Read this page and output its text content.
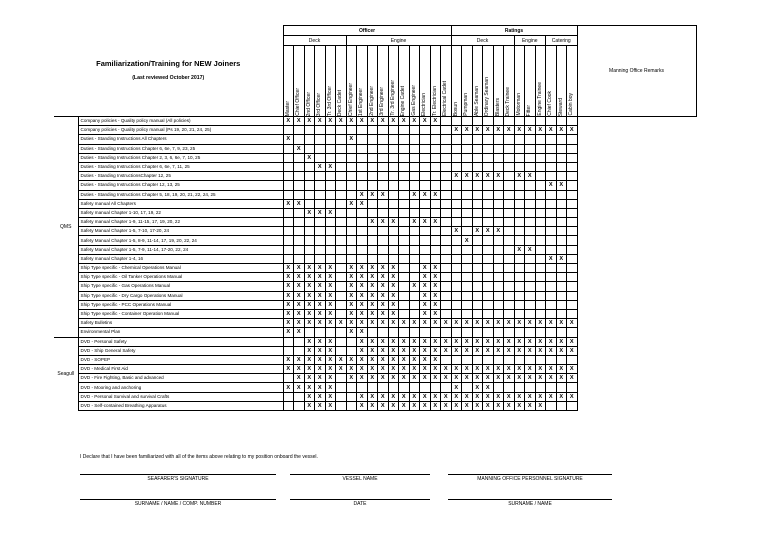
Familiarization/Training for NEW Joiners
(Last reviewed October 2017)		Officer																Ratings												Manning Office Remarks
		Deck						Engine										Deck						Engine			Catering			

		Master	Chief Officer	2nd Officer	3rd Officer	Tr. 3rd Officer	Deck Cadet	Chief Engineer	1st Engineer	2nd Engineer	3rd Engineer	Tr. 3rd Engineer	Engine Cadet	Gas Engineer	Electrician	Tr. Electrician	Electrical Cadet	Bosun	Pumpman	Able Seaman	Ordinary Seaman	Blasters	Deck Trainee	Motorman	Fitter	Engine Trainee	Chief Cook	Steward	Cabin boy	

QMS	Company policies - Quality policy manual (All policies)	X	X	X	X	X	X	X	X	X	X	X	X	X	X	X														
	Company policies - Quality policy manual (Ps 19, 20, 21, 24, 25)																	X	X	X	X	X	X	X	X	X	X	X	X	
	Duties - Standing Instructions All Chapters	X						X																						
	Duties - Standing Instructions Chapter 6, 6e, 7, 9, 23, 25		X																											
	Duties - Standing Instructions Chapter 2, 3, 6, 6e, 7, 10, 25			X																										
	Duties - Standing Instructions Chapter 6, 6e, 7, 11, 25				X	X																								
	Duties - Standing InstructionsChapter 12, 25																	X	X	X	X	X		X	X					
	Duties - Standing Instructions Chapter 12, 13, 25																										X	X		
	Duties - Standing Instructions Chapter 5, 18, 19, 20, 21, 22, 24, 25								X	X	X			X	X	X														
	Safety manual All Chapters	X	X					X	X																					
	Safety manual Chapter 1-10, 17, 19, 22			X	X	X																								
	Safety manual Chapter 1-9, 11-15, 17, 19, 20, 22									X	X	X		X	X	X														
	Safety Manual Chapter 1-5, 7-10, 17-20, 24																	X		X	X	X								
	Safety Manual Chapter 1-5, 8-9, 11-14, 17, 19, 20, 22, 24																		X											
	Safety Manual Chapter 1-5, 7-9, 11-14, 17-20, 22, 24																							X	X					
	Safety manual Chapter 1-4, 16																										X	X		
	Ship Type specific - Chemical Operations Manual	X	X	X	X	X		X	X	X	X	X			X	X														
	Ship Type specific - Oil Tanker Operations Manual	X	X	X	X	X		X	X	X	X	X			X	X														
	Ship Type specific - Gas Operations Manual	X	X	X	X	X		X	X	X	X	X		X	X	X														
	Ship Type specific - Dry Cargo Operations Manual	X	X	X	X	X		X	X	X	X	X			X	X														
	Ship Type specific - PCC Operations Manual	X	X	X	X	X		X	X	X	X	X			X	X														
	Ship Type specific - Container Operation Manual	X	X	X	X	X		X	X	X	X	X			X	X														
	Safety Bulletins	X	X	X	X	X	X	X	X	X	X	X	X	X	X	X	X	X	X	X	X	X	X	X	X	X	X	X	X	
	Environmental Plan	X	X					X	X																					
Seagull	DVD - Personal Safety			X	X	X			X	X	X	X	X	X	X	X	X	X	X	X	X	X	X	X	X	X	X	X	X	
	DVD - Ship General Safety			X	X	X			X	X	X	X	X	X	X	X	X	X	X	X	X	X	X	X	X	X	X	X	X	
	DVD - SOPEP	X	X	X	X	X	X	X	X	X	X	X	X	X	X	X														
	DVD - Medical First Aid	X	X	X	X	X	X	X	X	X	X	X	X	X	X	X	X	X	X	X	X	X	X	X	X	X	X	X	X	
	DVD - Fire Fighting, Basic and advanced		X	X	X	X		X	X	X	X	X	X	X	X	X	X	X	X	X	X	X	X	X	X	X	X	X	X	
	DVD - Mooring and anchoring	X	X	X	X	X												X		X	X									
	DVD - Personal Survival and survival Crafts			X	X	X			X	X	X	X	X	X	X	X	X	X	X	X	X	X	X	X	X	X	X	X	X	
	DVD - Self-contained Breathing Apparatus			X	X	X			X	X	X	X	X	X	X	X	X	X	X	X	X	X	X	X	X	X				
I Declare that I have been familiarized with all of the items above relating to my position onboard the vessel.
SEAFARER'S SIGNATURE	VESSEL NAME	MANNING OFFICE PERSONNEL SIGNATURE
SURNAME / NAME / COMP. NUMBER	DATE	SURNAME / NAME
